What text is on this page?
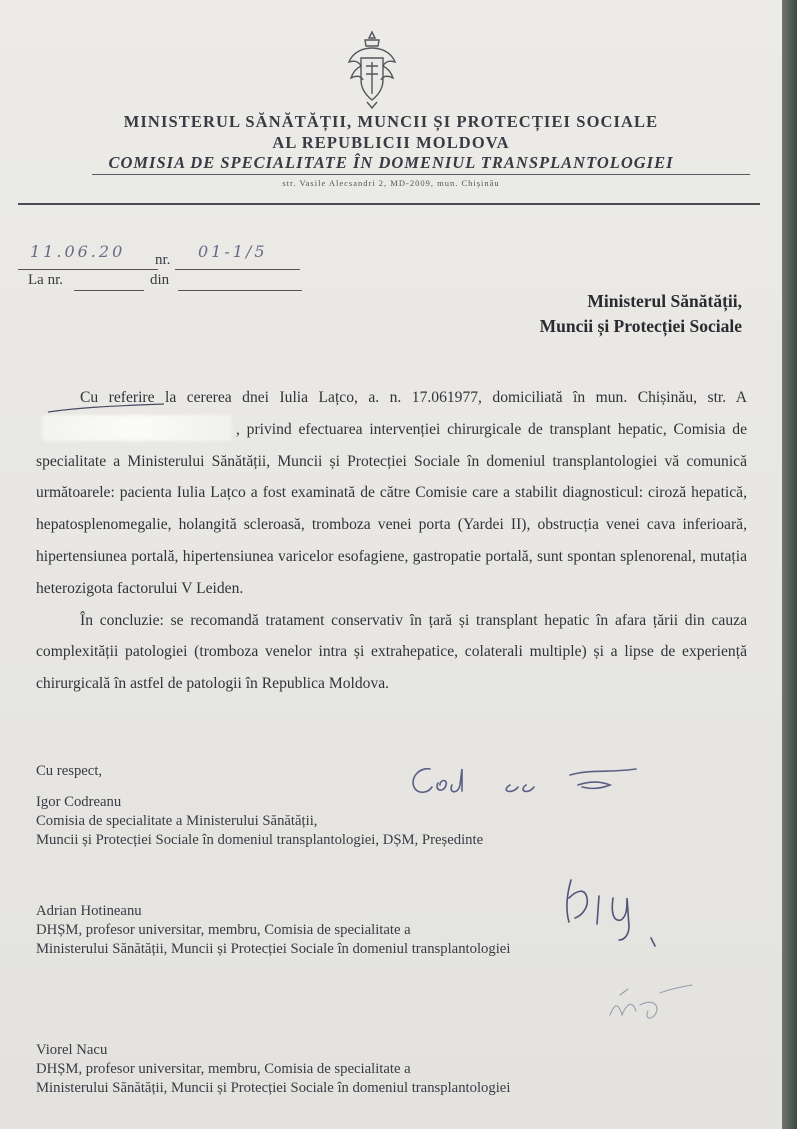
MINISTERUL SĂNĂTĂȚII, MUNCII ȘI PROTECȚIEI SOCIALE
AL REPUBLICII MOLDOVA
COMISIA DE SPECIALITATE ÎN DOMENIUL TRANSPLANTOLOGIEI
str. Vasile Alecsandri 2, MD-2009, mun. Chișinău
11.06.20 nr. 01-1/5
La nr.	din
Ministerul Sănătății,
Muncii și Protecției Sociale

Cu referire la cererea dnei Iulia Lațco, a. n. 17.061977, domiciliată în mun. Chișinău, str. A, privind efectuarea intervenției chirurgicale de transplant hepatic, Comisia de specialitate a Ministerului Sănătății, Muncii și Protecției Sociale în domeniul transplantologiei vă comunică următoarele: pacienta Iulia Lațco a fost examinată de către Comisie care a stabilit diagnosticul: ciroză hepatică, hepatosplenomegalie, holangită scleroasă, tromboza venei porta (Yardei II), obstrucția venei cava inferioară, hipertensiunea portală, hipertensiunea varicelor esofagiene, gastropatie portală, sunt spontan splenorenal, mutația heterozigota factorului V Leiden.

În concluzie: se recomandă tratament conservativ în țară și transplant hepatic în afara țării din cauza complexității patologiei (tromboza venelor intra și extrahepatice, colaterali multiple) și a lipse de experiență chirurgicală în astfel de patologii în Republica Moldova.

Cu respect,
Igor Codreanu
Comisia de specialitate a Ministerului Sănătății,
Muncii și Protecției Sociale în domeniul transplantologiei, DȘM, Președinte
Adrian Hotineanu
DHȘM, profesor universitar, membru, Comisia de specialitate a
Ministerului Sănătății, Muncii și Protecției Sociale în domeniul transplantologiei
Viorel Nacu
DHȘM, profesor universitar, membru, Comisia de specialitate a
Ministerului Sănătății, Muncii și Protecției Sociale în domeniul transplantologiei
